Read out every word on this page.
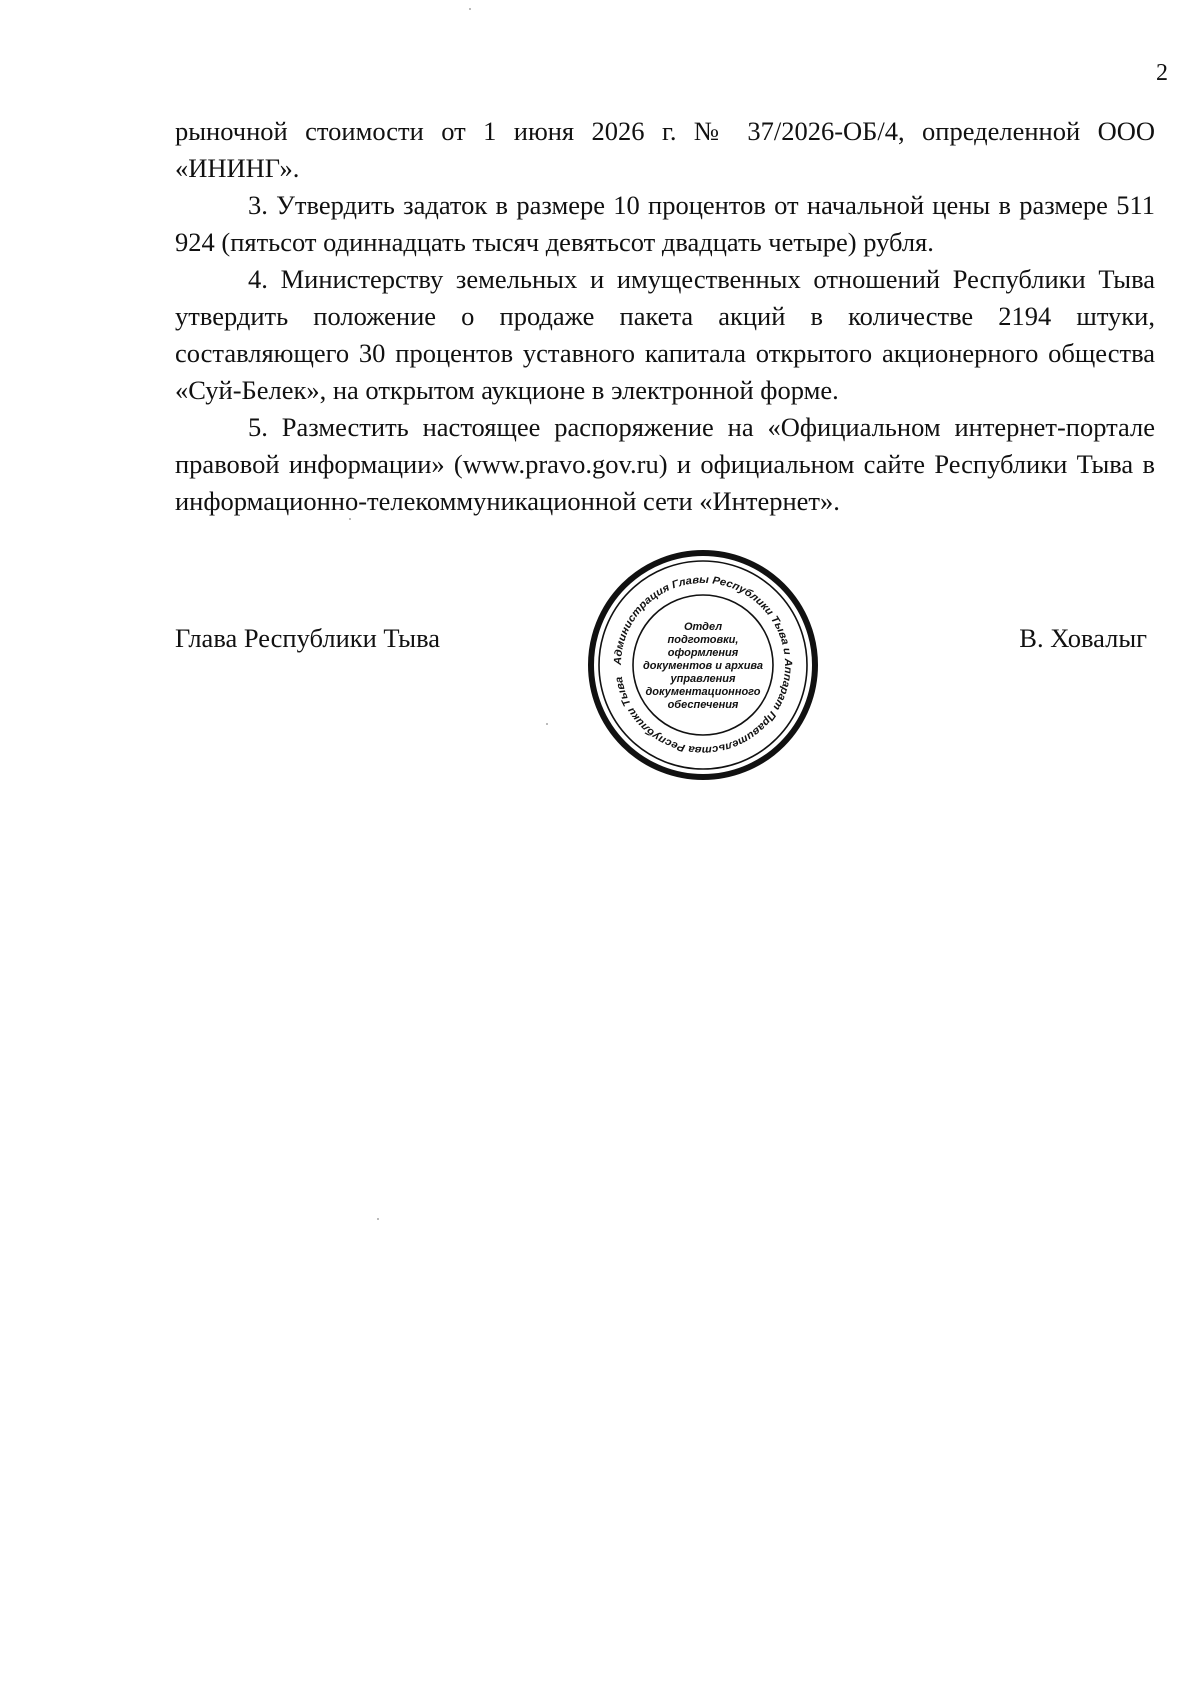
2

рыночной стоимости от 1 июня 2026 г. № 37/2026-ОБ/4, определенной ООО «ИНИНГ».

3. Утвердить задаток в размере 10 процентов от начальной цены в размере 511 924 (пятьсот одиннадцать тысяч девятьсот двадцать четыре) рубля.

4. Министерству земельных и имущественных отношений Республики Тыва утвердить положение о продаже пакета акций в количестве 2194 штуки, составляющего 30 процентов уставного капитала открытого акционерного общества «Суй-Белек», на открытом аукционе в электронной форме.

5. Разместить настоящее распоряжение на «Официальном интернет-портале правовой информации» (www.pravo.gov.ru) и официальном сайте Республики Тыва в информационно-телекоммуникационной сети «Интернет».

Глава Республики Тыва	В. Ховалыг
Администрация Главы Республики Тыва и Аппарат Правительства Республики Тыва
Отдел
подготовки,
оформления
документов и архива
управления
документационного
обеспечения
